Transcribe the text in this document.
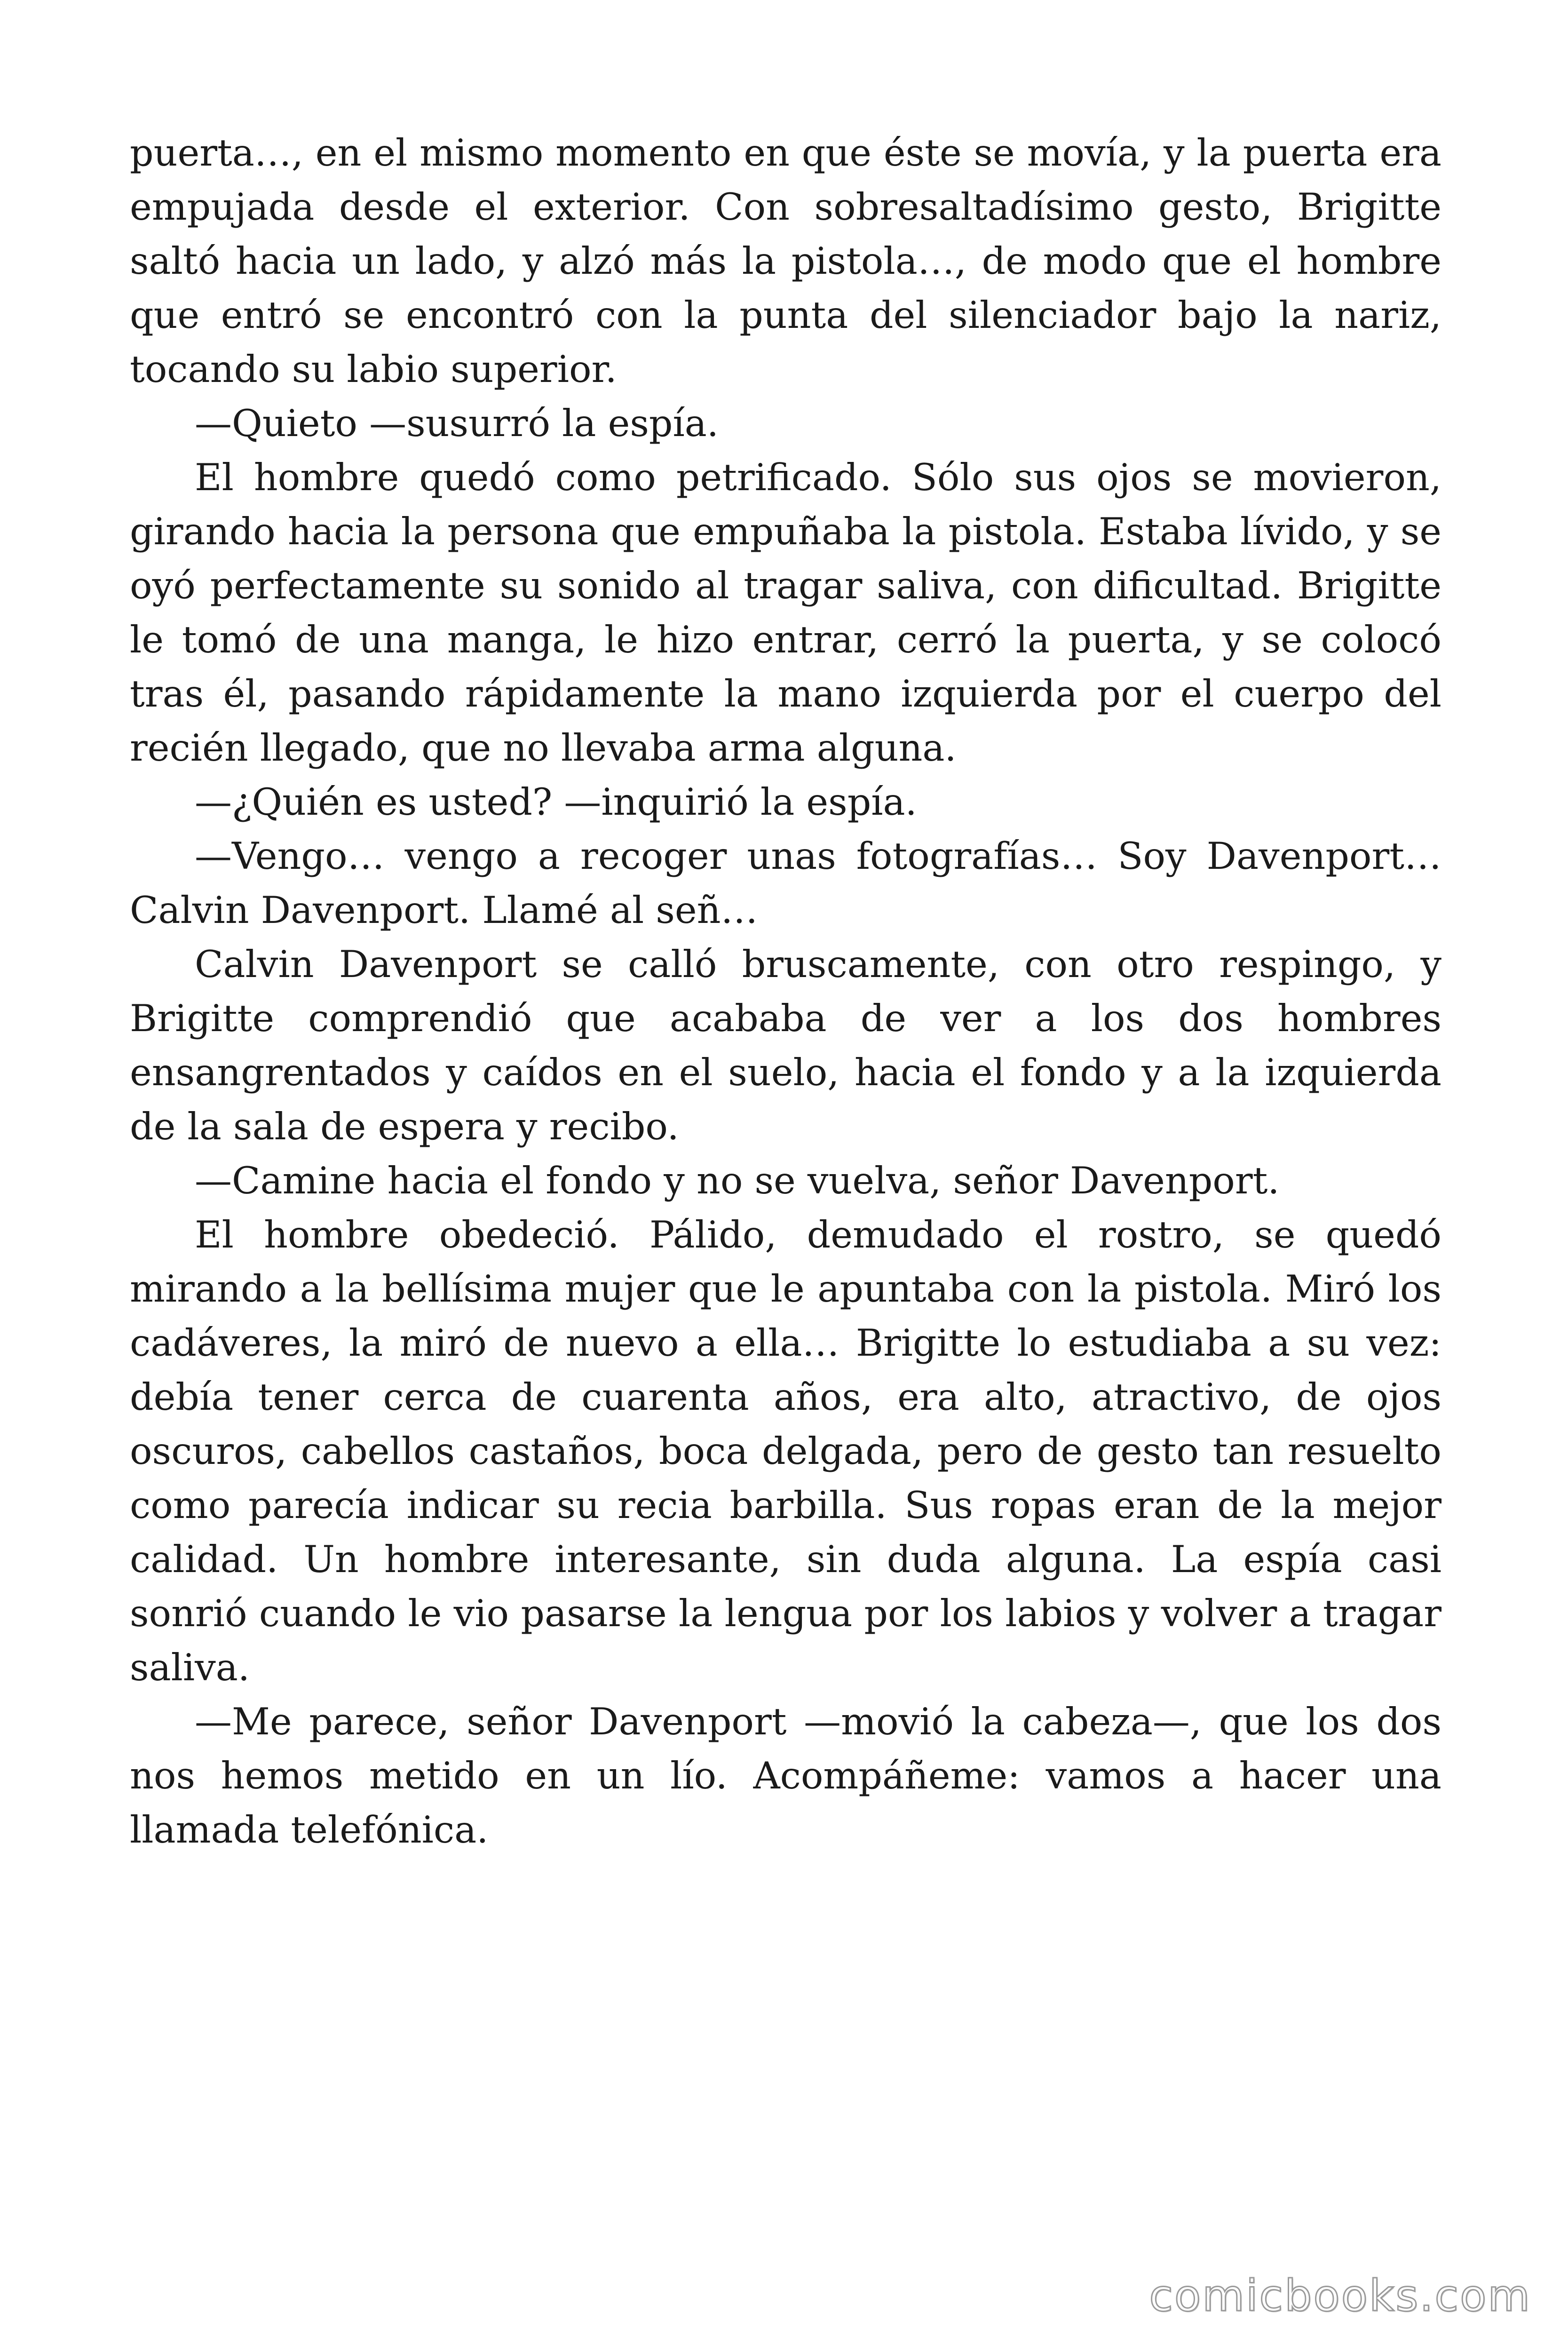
puerta…, en el mismo momento en que éste se movía, y la puerta era empujada desde el exterior. Con sobresaltadísimo gesto, Brigitte saltó hacia un lado, y alzó más la pistola…, de modo que el hombre que entró se encontró con la punta del silenciador bajo la nariz, tocando su labio superior.

—Quieto —susurró la espía.

El hombre quedó como petrificado. Sólo sus ojos se movieron, girando hacia la persona que empuñaba la pistola. Estaba lívido, y se oyó perfectamente su sonido al tragar saliva, con dificultad. Brigitte le tomó de una manga, le hizo entrar, cerró la puerta, y se colocó tras él, pasando rápidamente la mano izquierda por el cuerpo del recién llegado, que no llevaba arma alguna.

—¿Quién es usted? —inquirió la espía.

—Vengo… vengo a recoger unas fotografías… Soy Davenport… Calvin Davenport. Llamé al señ…

Calvin Davenport se calló bruscamente, con otro respingo, y Brigitte comprendió que acababa de ver a los dos hombres ensangrentados y caídos en el suelo, hacia el fondo y a la izquierda de la sala de espera y recibo.

—Camine hacia el fondo y no se vuelva, señor Davenport.

El hombre obedeció. Pálido, demudado el rostro, se quedó mirando a la bellísima mujer que le apuntaba con la pistola. Miró los cadáveres, la miró de nuevo a ella… Brigitte lo estudiaba a su vez: debía tener cerca de cuarenta años, era alto, atractivo, de ojos oscuros, cabellos castaños, boca delgada, pero de gesto tan resuelto como parecía indicar su recia barbilla. Sus ropas eran de la mejor calidad. Un hombre interesante, sin duda alguna. La espía casi sonrió cuando le vio pasarse la lengua por los labios y volver a tragar saliva.

—Me parece, señor Davenport —movió la cabeza—, que los dos nos hemos metido en un lío. Acompáñeme: vamos a hacer una llamada telefónica.

comicbooks.com
